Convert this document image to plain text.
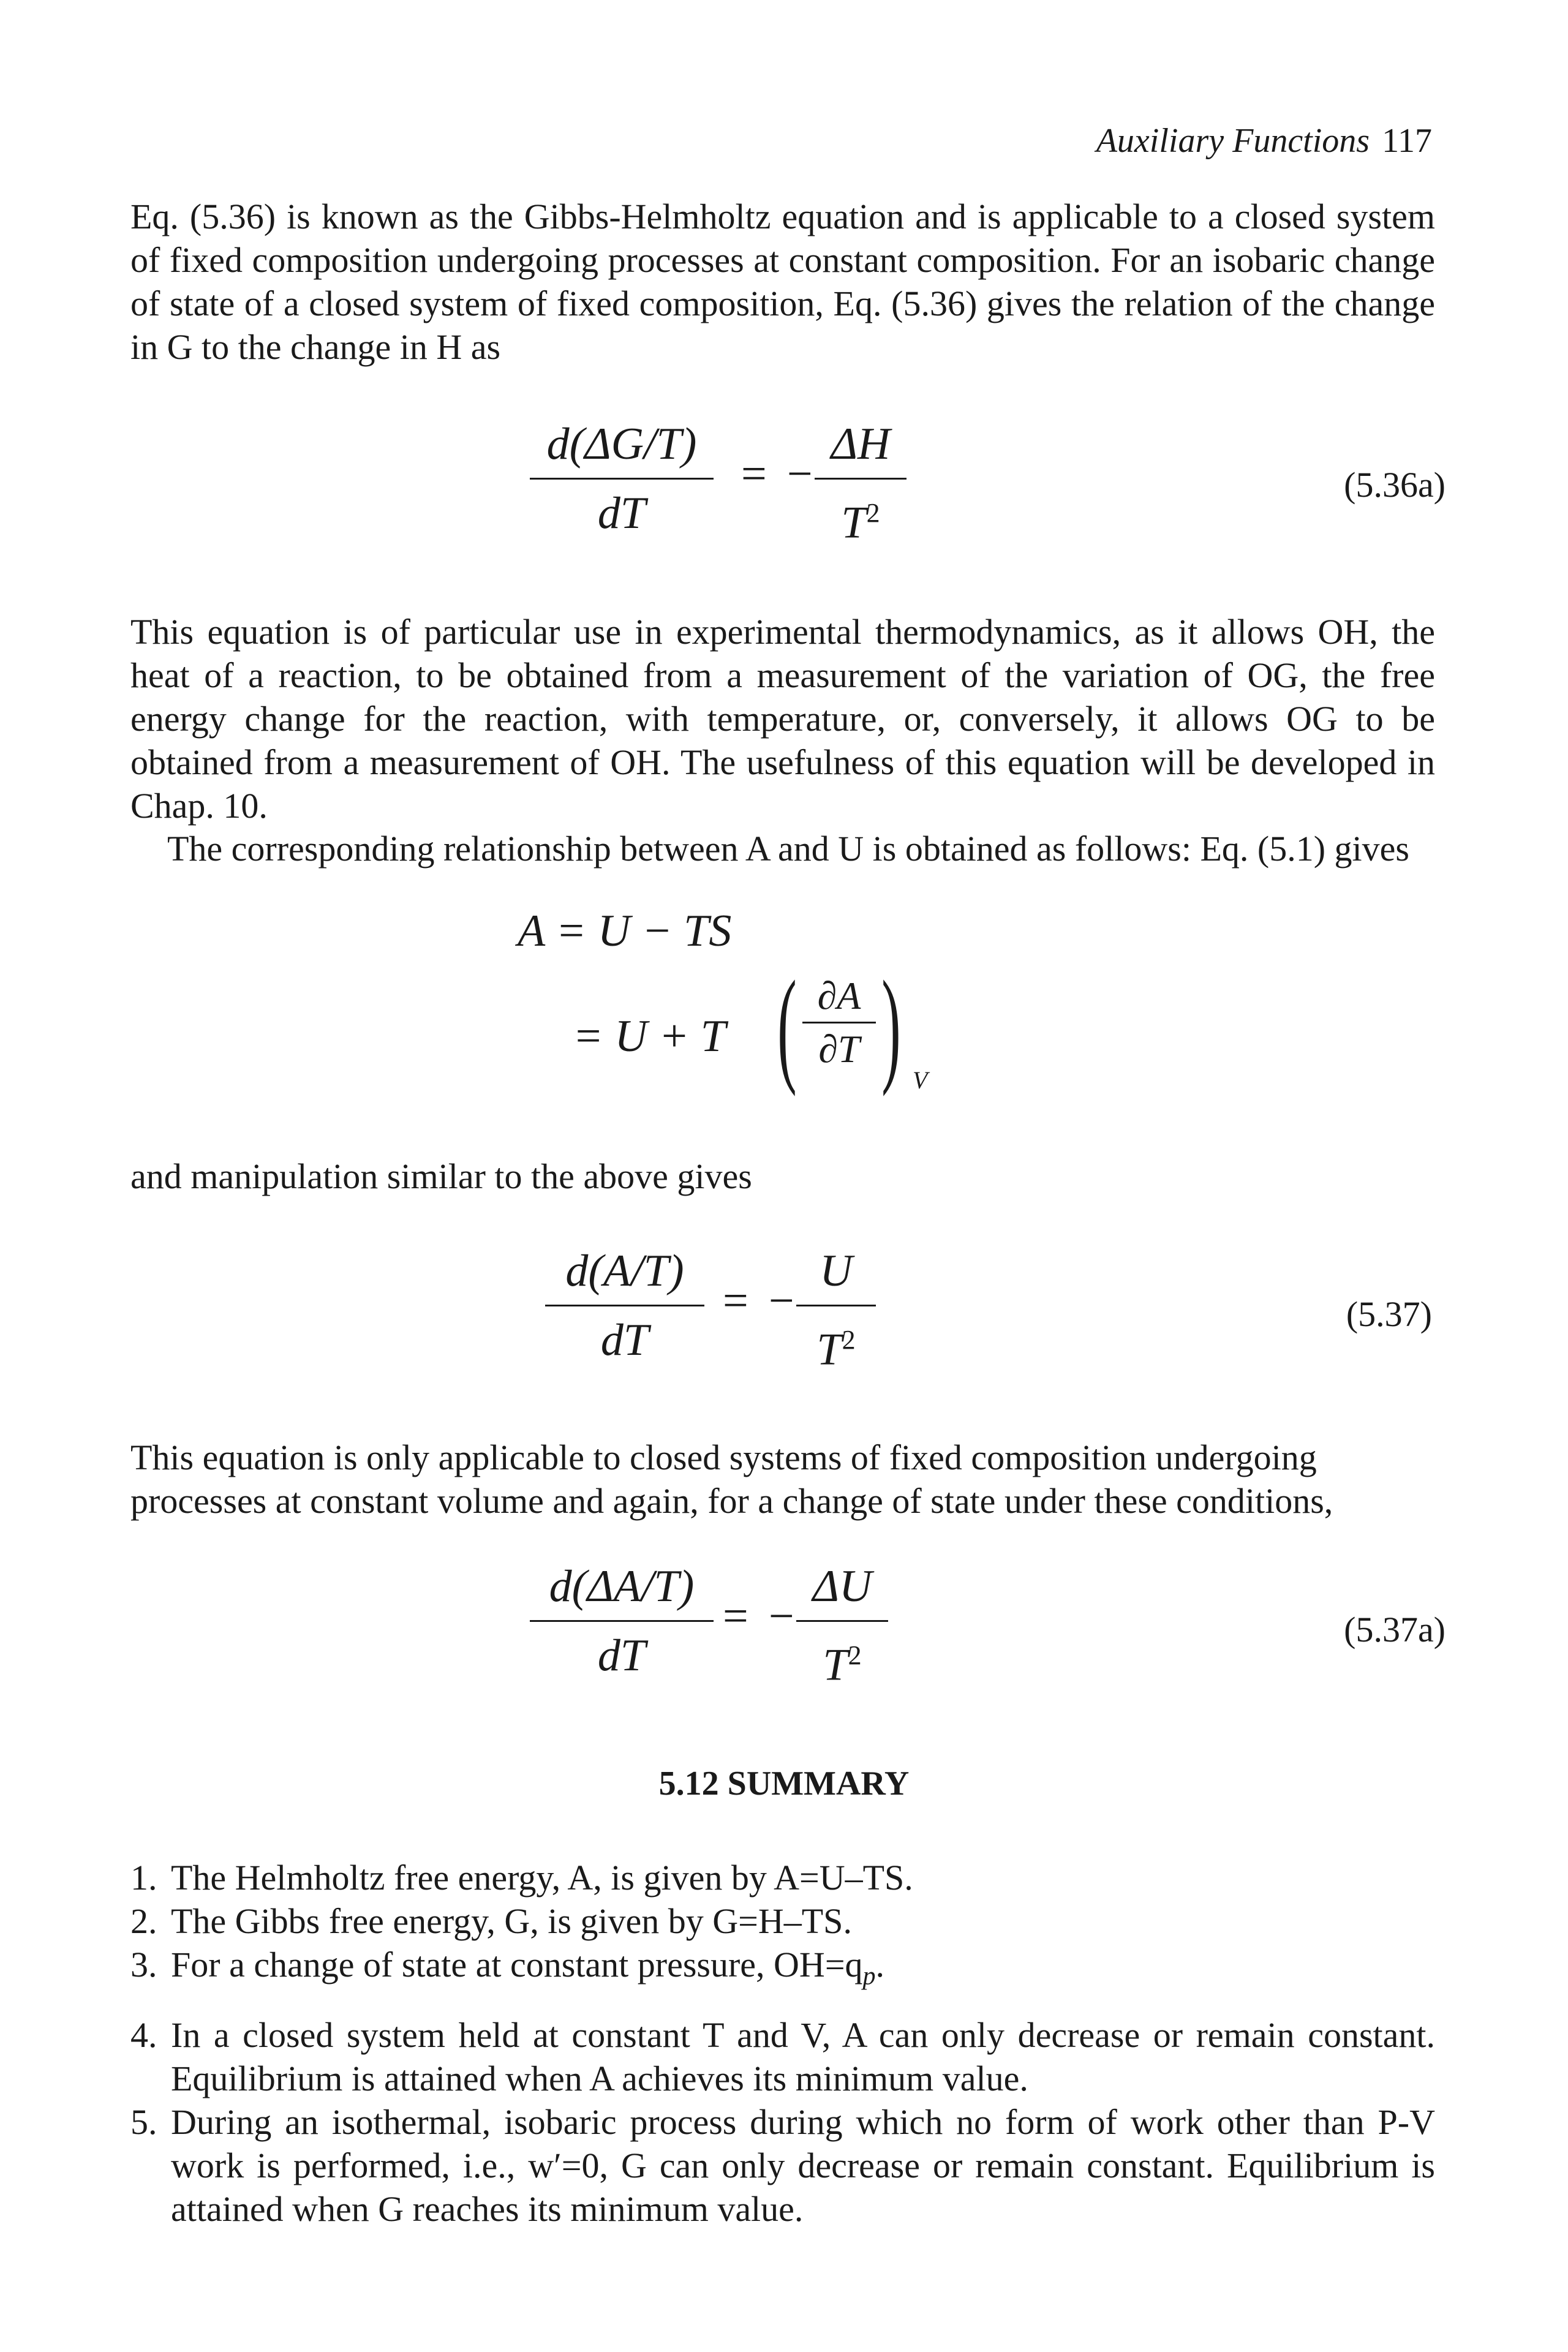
Auxiliary Functions 117

Eq. (5.36) is known as the Gibbs-Helmholtz equation and is applicable to a closed system of fixed composition undergoing processes at constant composition. For an isobaric change of state of a closed system of fixed composition, Eq. (5.36) gives the relation of the change in G to the change in H as

d(ΔG/T)
dT
= −
ΔH
$T^2$
(5.36a)

This equation is of particular use in experimental thermodynamics, as it allows OH, the heat of a reaction, to be obtained from a measurement of the variation of OG, the free energy change for the reaction, with temperature, or, conversely, it allows OG to be obtained from a measurement of OH. The usefulness of this equation will be developed in Chap. 10.

The corresponding relationship between A and U is obtained as follows: Eq. (5.1) gives

A = U − TS
= U + T ( ∂A
∂T ) V

and manipulation similar to the above gives

d(A/T)
dT
= −
U
$T^2$
(5.37)

This equation is only applicable to closed systems of fixed composition undergoing processes at constant volume and again, for a change of state under these conditions,

d(ΔA/T)
dT
= −
ΔU
$T^2$
(5.37a)
5.12 SUMMARY
1. The Helmholtz free energy, A, is given by A=U–TS.
2. The Gibbs free energy, G, is given by G=H–TS.
3. For a change of state at constant pressure, $OH=q_p$.
4. In a closed system held at constant T and V, A can only decrease or remain constant. Equilibrium is attained when A achieves its minimum value.
5. During an isothermal, isobaric process during which no form of work other than P-V work is performed, i.e., w′=0, G can only decrease or remain constant. Equilibrium is attained when G reaches its minimum value.
